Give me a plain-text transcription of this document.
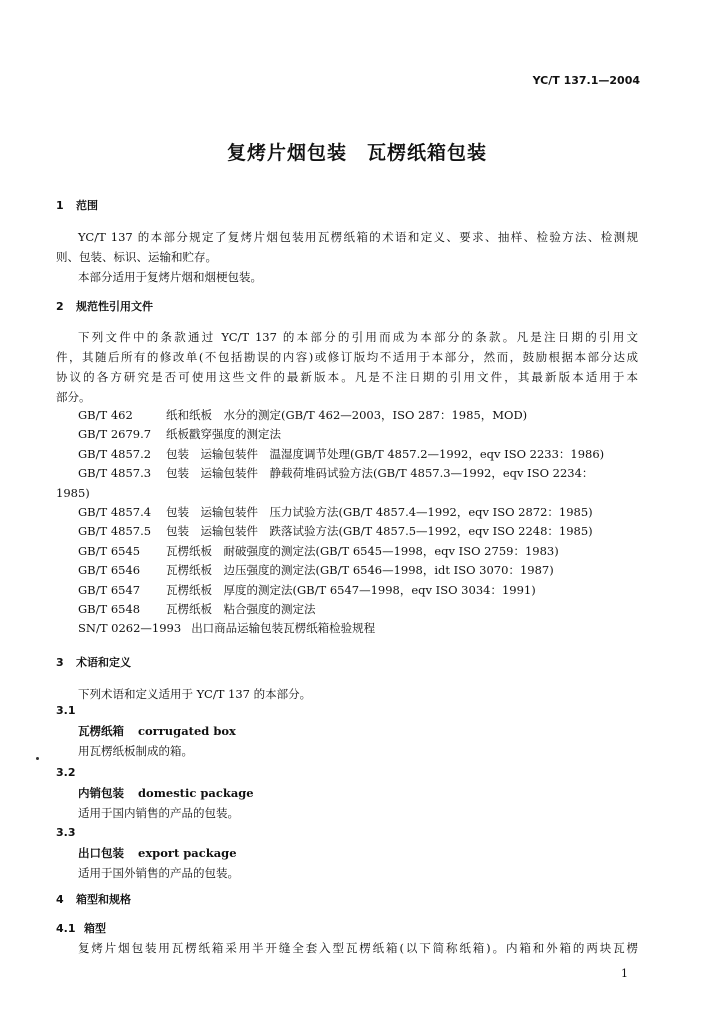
YC/T 137.1—2004
复烤片烟包装　瓦楞纸箱包装
1 范围
YC/T 137 的本部分规定了复烤片烟包装用瓦楞纸箱的术语和定义、要求、抽样、检验方法、检测规
则、包装、标识、运输和贮存。
本部分适用于复烤片烟和烟梗包装。
2 规范性引用文件
下列文件中的条款通过 YC/T 137 的本部分的引用而成为本部分的条款。凡是注日期的引用文
件，其随后所有的修改单(不包括勘误的内容)或修订版均不适用于本部分，然而，鼓励根据本部分达成
协议的各方研究是否可使用这些文件的最新版本。凡是不注日期的引用文件，其最新版本适用于本
部分。
GB/T 462	纸和纸板　水分的测定(GB/T 462—2003，ISO 287：1985，MOD)
GB/T 2679.7 纸板戳穿强度的测定法
GB/T 4857.2 包装　运输包装件　温湿度调节处理(GB/T 4857.2—1992，eqv ISO 2233：1986)
GB/T 4857.3 包装　运输包装件　静载荷堆码试验方法(GB/T 4857.3—1992，eqv ISO 2234：
1985)
GB/T 4857.4 包装　运输包装件　压力试验方法(GB/T 4857.4—1992，eqv ISO 2872：1985)
GB/T 4857.5 包装　运输包装件　跌落试验方法(GB/T 4857.5—1992，eqv ISO 2248：1985)
GB/T 6545 瓦楞纸板　耐破强度的测定法(GB/T 6545—1998，eqv ISO 2759：1983)
GB/T 6546 瓦楞纸板　边压强度的测定法(GB/T 6546—1998，idt ISO 3070：1987)
GB/T 6547 瓦楞纸板　厚度的测定法(GB/T 6547—1998，eqv ISO 3034：1991)
GB/T 6548 瓦楞纸板　粘合强度的测定法
SN/T 0262—1993 出口商品运输包装瓦楞纸箱检验规程
3 术语和定义
下列术语和定义适用于 YC/T 137 的本部分。
3.1
瓦楞纸箱 corrugated box
用瓦楞纸板制成的箱。
3.2
内销包装 domestic package
适用于国内销售的产品的包装。
3.3
出口包装 export package
适用于国外销售的产品的包装。
4 箱型和规格
4.1 箱型
复烤片烟包装用瓦楞纸箱采用半开缝全套入型瓦楞纸箱(以下简称纸箱)。内箱和外箱的两块瓦楞
1
